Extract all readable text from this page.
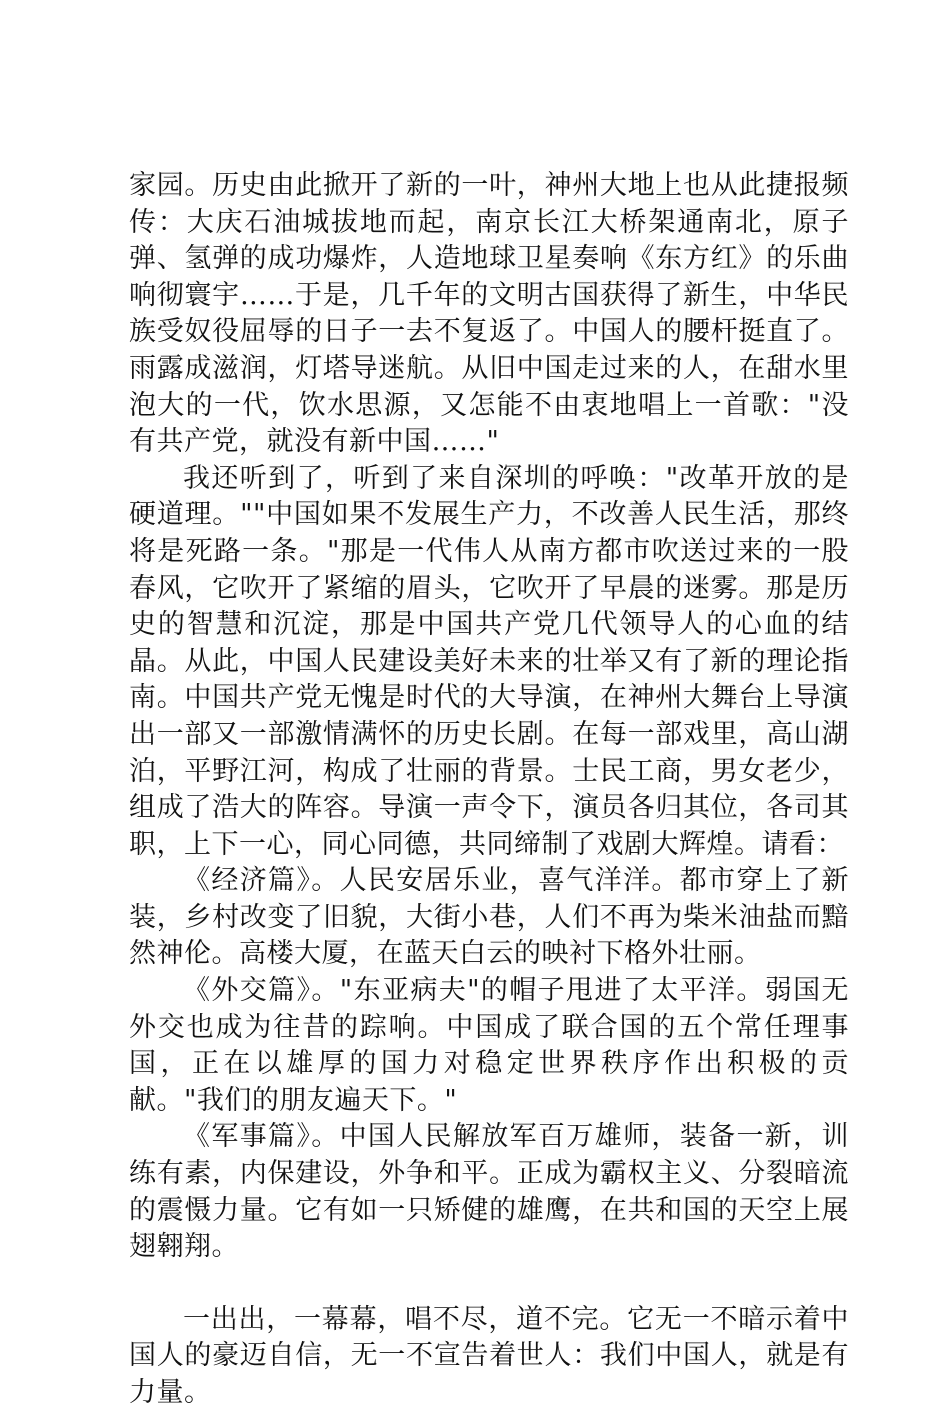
家园。历史由此掀开了新的一叶，神州大地上也从此捷报频传：大庆石油城拔地而起，南京长江大桥架通南北，原子弹、氢弹的成功爆炸，人造地球卫星奏响《东方红》的乐曲响彻寰宇……于是，几千年的文明古国获得了新生，中华民族受奴役屈辱的日子一去不复返了。中国人的腰杆挺直了。雨露成滋润，灯塔导迷航。从旧中国走过来的人，在甜水里泡大的一代，饮水思源，又怎能不由衷地唱上一首歌："没有共产党，就没有新中国……"

我还听到了，听到了来自深圳的呼唤："改革开放的是硬道理。""中国如果不发展生产力，不改善人民生活，那终将是死路一条。"那是一代伟人从南方都市吹送过来的一股春风，它吹开了紧缩的眉头，它吹开了早晨的迷雾。那是历史的智慧和沉淀，那是中国共产党几代领导人的心血的结晶。从此，中国人民建设美好未来的壮举又有了新的理论指南。中国共产党无愧是时代的大导演，在神州大舞台上导演出一部又一部激情满怀的历史长剧。在每一部戏里，高山湖泊，平野江河，构成了壮丽的背景。士民工商，男女老少，组成了浩大的阵容。导演一声令下，演员各归其位，各司其职，上下一心，同心同德，共同缔制了戏剧大辉煌。请看：

《经济篇》。人民安居乐业，喜气洋洋。都市穿上了新装，乡村改变了旧貌，大街小巷，人们不再为柴米油盐而黯然神伦。高楼大厦，在蓝天白云的映衬下格外壮丽。

《外交篇》。"东亚病夫"的帽子甩进了太平洋。弱国无外交也成为往昔的踪响。中国成了联合国的五个常任理事国，正在以雄厚的国力对稳定世界秩序作出积极的贡献。"我们的朋友遍天下。"

《军事篇》。中国人民解放军百万雄师，装备一新，训练有素，内保建设，外争和平。正成为霸权主义、分裂暗流的震慑力量。它有如一只矫健的雄鹰，在共和国的天空上展翅翱翔。

一出出，一幕幕，唱不尽，道不完。它无一不暗示着中国人的豪迈自信，无一不宣告着世人：我们中国人，就是有力量。
